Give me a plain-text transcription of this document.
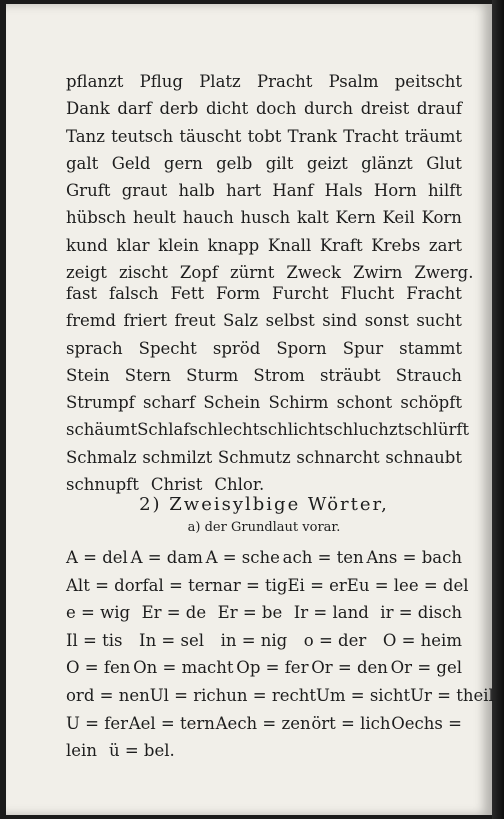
pflanzt Pflug Platz Pracht Psalm peitscht
Dank darf derb dicht doch durch dreist drauf
Tanz teutsch täuscht tobt Trank Tracht träumt
galt Geld gern gelb gilt geizt glänzt Glut
Gruft graut halb hart Hanf Hals Horn hilft
hübsch heult hauch husch kalt Kern Keil Korn
kund klar klein knapp Knall Kraft Krebs zart
zeigt zischt Zopf zürnt Zweck Zwirn Zwerg.
fast falsch Fett Form Furcht Flucht Fracht
fremd friert freut Salz selbst sind sonst sucht
sprach Specht spröd Sporn Spur stammt
Stein Stern Sturm Strom sträubt Strauch
Strumpf scharf Schein Schirm schont schöpft
schäumt Schlaf schlecht schlicht schluchzt schlürft
Schmalz schmilzt Schmutz schnarcht schnaubt
schnupft Christ Chlor.
2) Zweisylbige Wörter,
a) der Grundlaut vorar.
A = del A = dam A = sche ach = ten Ans = bach
Alt = dorf al = tern ar = tig Ei = er Eu = le e = del
e = wig Er = de Er = be Ir = land ir = disch
Il = tis In = sel in = nig o = der O = heim
O = fen On = macht Op = fer Or = den Or = gel
ord = nen Ul = rich un = recht Um = sicht Ur = theil
U = fer Ael = tern Aech = zen ört = lich Oechs =
lein ü = bel.
